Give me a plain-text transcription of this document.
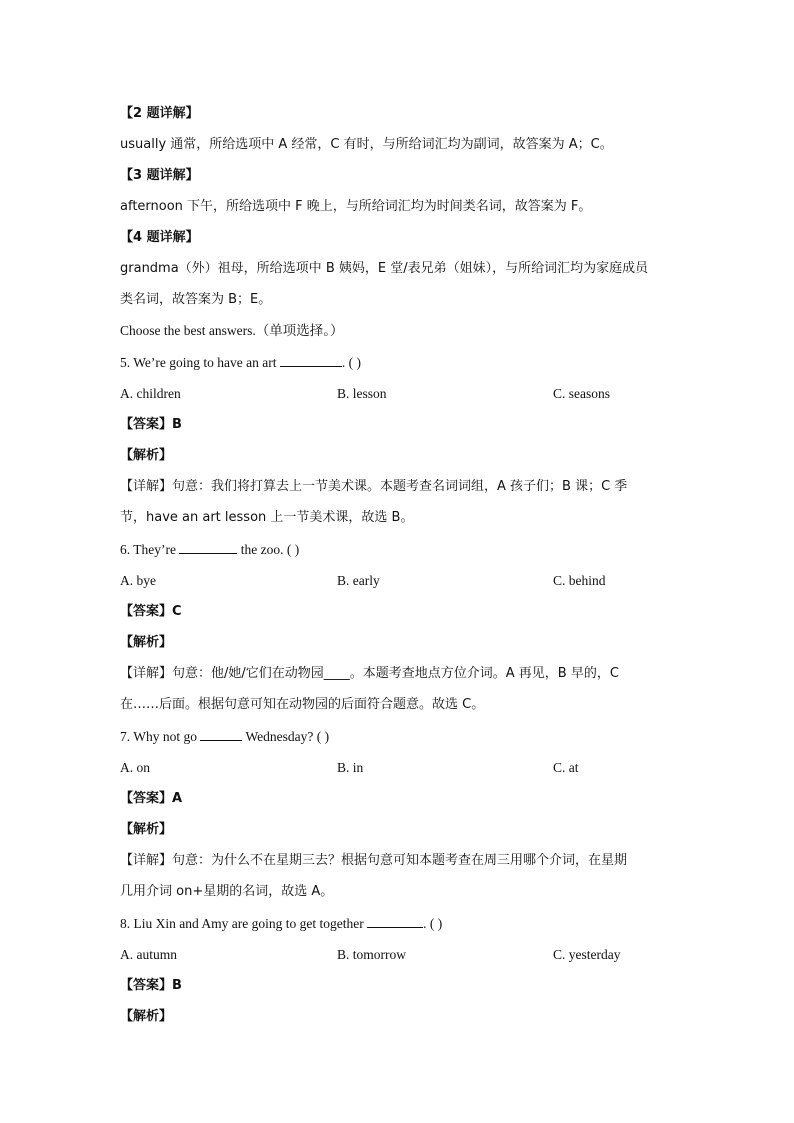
【2 题详解】
usually 通常，所给选项中 A 经常，C 有时，与所给词汇均为副词，故答案为 A；C。
【3 题详解】
afternoon 下午，所给选项中 F 晚上，与所给词汇均为时间类名词，故答案为 F。
【4 题详解】
grandma（外）祖母，所给选项中 B 姨妈，E 堂/表兄弟（姐妹），与所给词汇均为家庭成员
类名词，故答案为 B；E。
Choose the best answers.（单项选择。）
5. We’re going to have an art	. ( )
A. children	B. lesson	C. seasons
【答案】B
【解析】
【详解】句意：我们将打算去上一节美术课。本题考查名词词组，A 孩子们；B 课；C 季
节，have an art lesson 上一节美术课，故选 B。
6. They’re	the zoo. ( )
A. bye	B. early	C. behind
【答案】C
【解析】
【详解】句意：他/她/它们在动物园____。本题考查地点方位介词。A 再见，B 早的，C
在……后面。根据句意可知在动物园的后面符合题意。故选 C。
7. Why not go	Wednesday? ( )
A. on	B. in	C. at
【答案】A
【解析】
【详解】句意：为什么不在星期三去？根据句意可知本题考查在周三用哪个介词，在星期
几用介词 on+星期的名词，故选 A。
8. Liu Xin and Amy are going to get together	. ( )
A. autumn	B. tomorrow	C. yesterday
【答案】B
【解析】
